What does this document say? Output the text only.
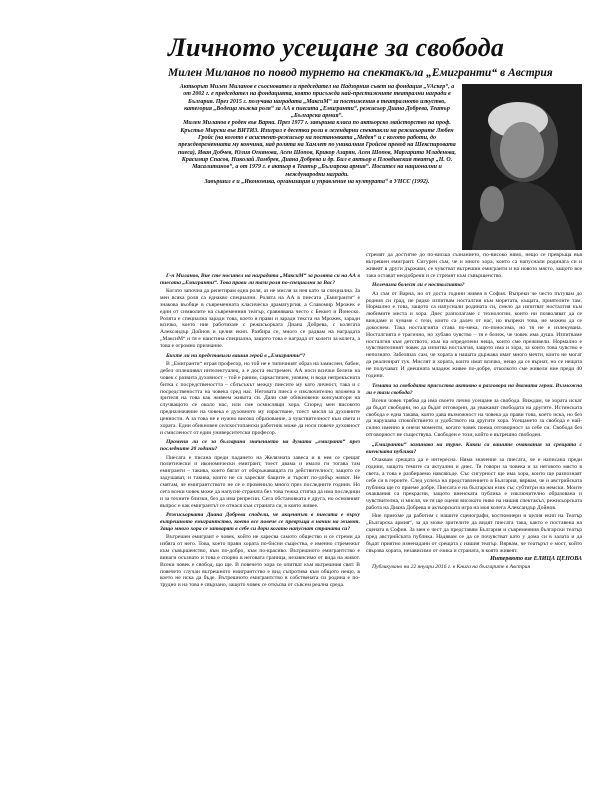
Личното усещане за свобода
Милен Миланов по повод турнето на спектакъла „Емигранти“ в Австрия

Актьорът Милен Миланов е съосновател и председател на Надзорния съвет на фондация „VAскер“, а от 2002 г. е председател на фондацията, която присъжда най-престижните театрални награди в България. През 2015 г. получава наградата „МаксиМ“ за постижения в театралното изкуство, категория „Водеща мъжка роля“ за АА в пиесата „Емигранти“, режисьор Диана Добрева, Театър „Българска армия“.

Милен Миланов е роден във Варна. През 1977 г. завършва класа по актьорско майсторство на проф. Кръстьо Мирски във ВИТИЗ. Изиграл е десетки роли в легендарни спектакли на режисьорите Любен Гройс (на когото е асистент-режисьор на постановката „Медея“ и с когото работи, до преждевременната му кончина, над ролята на Хамлет по уникалния Гройсов превод на Шекспировата пиеса), Иван Добчев, Юлия Огнянова, Асен Шопов, Крикор Азарян, Асен Шопов, Маргарита Младенова, Красимир Спасов, Николай Ламбрев, Диана Добрева и др. Бил е актьор в Пловдивския театър „Н. О. Масалитинов“, а от 1979 г. е актьор в Театър „Българска армия“. Носител на национални и международни награди.

Завършил е и „Икономика, организация и управление на културата“ в УНСС (1992).

Г-н Миланов, Вие сте носител на наградата „МаксиМ“ за ролята си на АА в пиесата „Емигранти“. Това прави ли тази роля по-специална за Вас?

Когато започна да репетирам една роля, аз не мисля за нея като за специална. За мен всяка роля са еднакво специални. Ролята на АА в пиесата „Емигранти“ е знакова въобще в съвременната класическа драматургия, а Славомир Мрожек е един от символите на съвременния театър, сравнявана често с Беккет и Йонеско. Ролята е специална заради това, което я прави и заради текста на Мрожек, заради всичко, което ние работихме с режисьорката Диана Добрева, с колегата Александър Дойнов и целия екип. Разбира се, много се радвам на наградата „МаксиМ“ и тя е наистина специална, защото това е награда от колеги за колега, а това е огромно признание.

Бихте ли ни представили вашия герой в „Емигранти“?

В „Емигранти“ играя професор, но той не е типичният образ на замислен, бабен, дебел оплешивял интелектуалец, а е доста екстремен. АА носи всички белези на човек с развита духовност – той е раним, саркастичен, уязвим, и води непрекъсната битка с посредствеността – сблъсъкът между пиесите му като личност, така и с посредствеността на човека сред нас. Неговата пиеса е изключително вложена в зрителя на това как живеем живота си. Дали сме обикновени консуматори на случващото се около нас, или сме осмислящи хора. Според мен високото предназначение на човека е духовното му израстване, тоест мисля за духовните ценности. А за това не е нужно високо образование, а чувствителност към света и хората. Един обикновен селскостопански работник може да носи повече духовност и смисленост от един университетски професор.

Променя ли се за българина значението на думата „емигрант“ през последните 20 години?

Пиесата е писана преди падането на Желязната завеса и в нея се срещат политически и икономически емигрант, тоест двама и имало ги тогава там емигранти – такива, които бягат от обкръжаващата ги действителност, защото се задушават, и такива, които не са харесват бащите и търсят по-добър живот. Не смятам, че емигрантството не се е променило много през последните години. Но сега всеки човек може да напусне страната без това тежка стигма да има последици и за техните близки, без да има репресии. Сега обстановката е друга, но основният въпрос е как емигрантът се отнася към страната си, в която живее.

Режисьорката Диана Добрева сподели, че акцентът в пиесата е върху вътрешното емигрантство, което все повече се превръща в начин на живот. Защо много хора се затварят в себе си дори когато напуснат страната си?

Вътрешен емигрант е човек, който не харесва самото общество и се стреми да избяга от него. Това, което прави хората по-бисни същества, е именно стремежът към съвършенство, към по-добро, към по-красиво. Вътрешното емигрантство е винаги осъзнато и това е спорно в неговата граница, независимо от вида на живот. Всеки човек е свобод, що ще. В повечето хора се опитват към вътрешния свят. В повечето случаи вътрешното емигрантство е вид съпротива към общото нещо, в което не иска да бъде. Вътрешното емигрантство в собствената си родина е по-трудно и на това е свързано, защото човек се откъсва от съвсем реална среда.

стремят да достигне до по-висша съзнанието, по-високо нямо, нещо се превръща във вътрешен емигрант. Сигурен съм, че и много хора, които са напуснали родината си и живеят в други държави, се чувстват вътрешни емигранти и на новото място, защото все така остават неодобрени и се стремят към съвършенство.

Нелечима болест ли е носталгията?

Аз съм от Варна, но от доста години живея в София. Въпреки че често пътувам до родния си град, не рядко изпитвам носталгия към моретата, къщата, приятелите там. Нормално е това, защото са напуснали родината си, смело да изпитват носталгия към любимите места и хора. Днес разполагаме с технологии, които ни позволяват да се виждаме и чуваме с тези, които са далеч от нас, но въпреки това, не можем да се докоснем. Така носталгията става по-мека, по-поносима, но тя не е излекувана. Носталгията е трагично, но хубаво чувство – тя е бележ, че човек има душа. Изпитваме носталгия към детството, към на определени неща, които сме преживели. Нормално е чувствителният човек да изпитва носталгия, защото има и хора, за които това чувство е непознато. Забелязах сам, че хората в нашата държава имат много мечти, които не могат да реализират тук. Мислят и хората, които имат всичко, нещо да се върнат, но се нещата не получават. И днешната младеж живее по-добре, отколкото сме живели ние преди 40 години.

Темата за свободата присъства активно в разговора на двамата герои. Възможна ли е тази свобода?

Всеки човек трябва да има своето лично усещане за свобода. Виждам, че хората искат да бъдат свободни, но да бъдат отговорни, да уважават свободата на другите. Истинската свобода е една такава, която дава възможност на човека да прави това, което иска, но без да нарушава спокойствието и удобството на другите хора. Усещането за свобода е най-силно именно в онези моменти, когато човек поема отговорност за себе си. Свобода без отговорност не съществува. Свободен е този, който е вътрешно свободен.

„Емигранти“ заминава на турне. Какви са вашите очаквания за срещата с виенската публика?

Очаквам срещата да е интересна. Няма значение за пиесата, че е написана преди години, защото темите са актуални и днес. Тя говори за човека и за неговото място в света, а това е разбираемо навсякъде. Със сигурност ще има хора, които ще разпознаят себе си в героите. След успеха на представлението в България, вярвам, че и австрийската публика ще го приеме добре. Пиесата е на български език със субтитри на немски. Моите очаквания са прекрасни, защото виенската публика е изключително образована и чувствителна, и мисля, че тя ще оцени високото ниво на нашия спектакъл, режисьорската работа на Диана Добрева и актьорската игра на моя колега Александър Дойнов.

Ние приехме да работим с нашите сценографи, костюмиери и целия екип на Театър „Българска армия“, за да може зрителите да видят пиесата така, както е поставена на сцената в София. За мен е чест да представям България и съвременния български театър пред австрийската публика. Надявам се да се почувстват като у дома си в залата и да бъдат приятно изненадани от срещата с нашия театър. Вярвам, че театърът е мост, който свързва хората, независимо от езика и страната, в която живеят.

Интервюто взе ЕЛИЦА ЦЕНОВА

Публикувано на 22 януари 2016 г. в Книга на българите в Австрия
